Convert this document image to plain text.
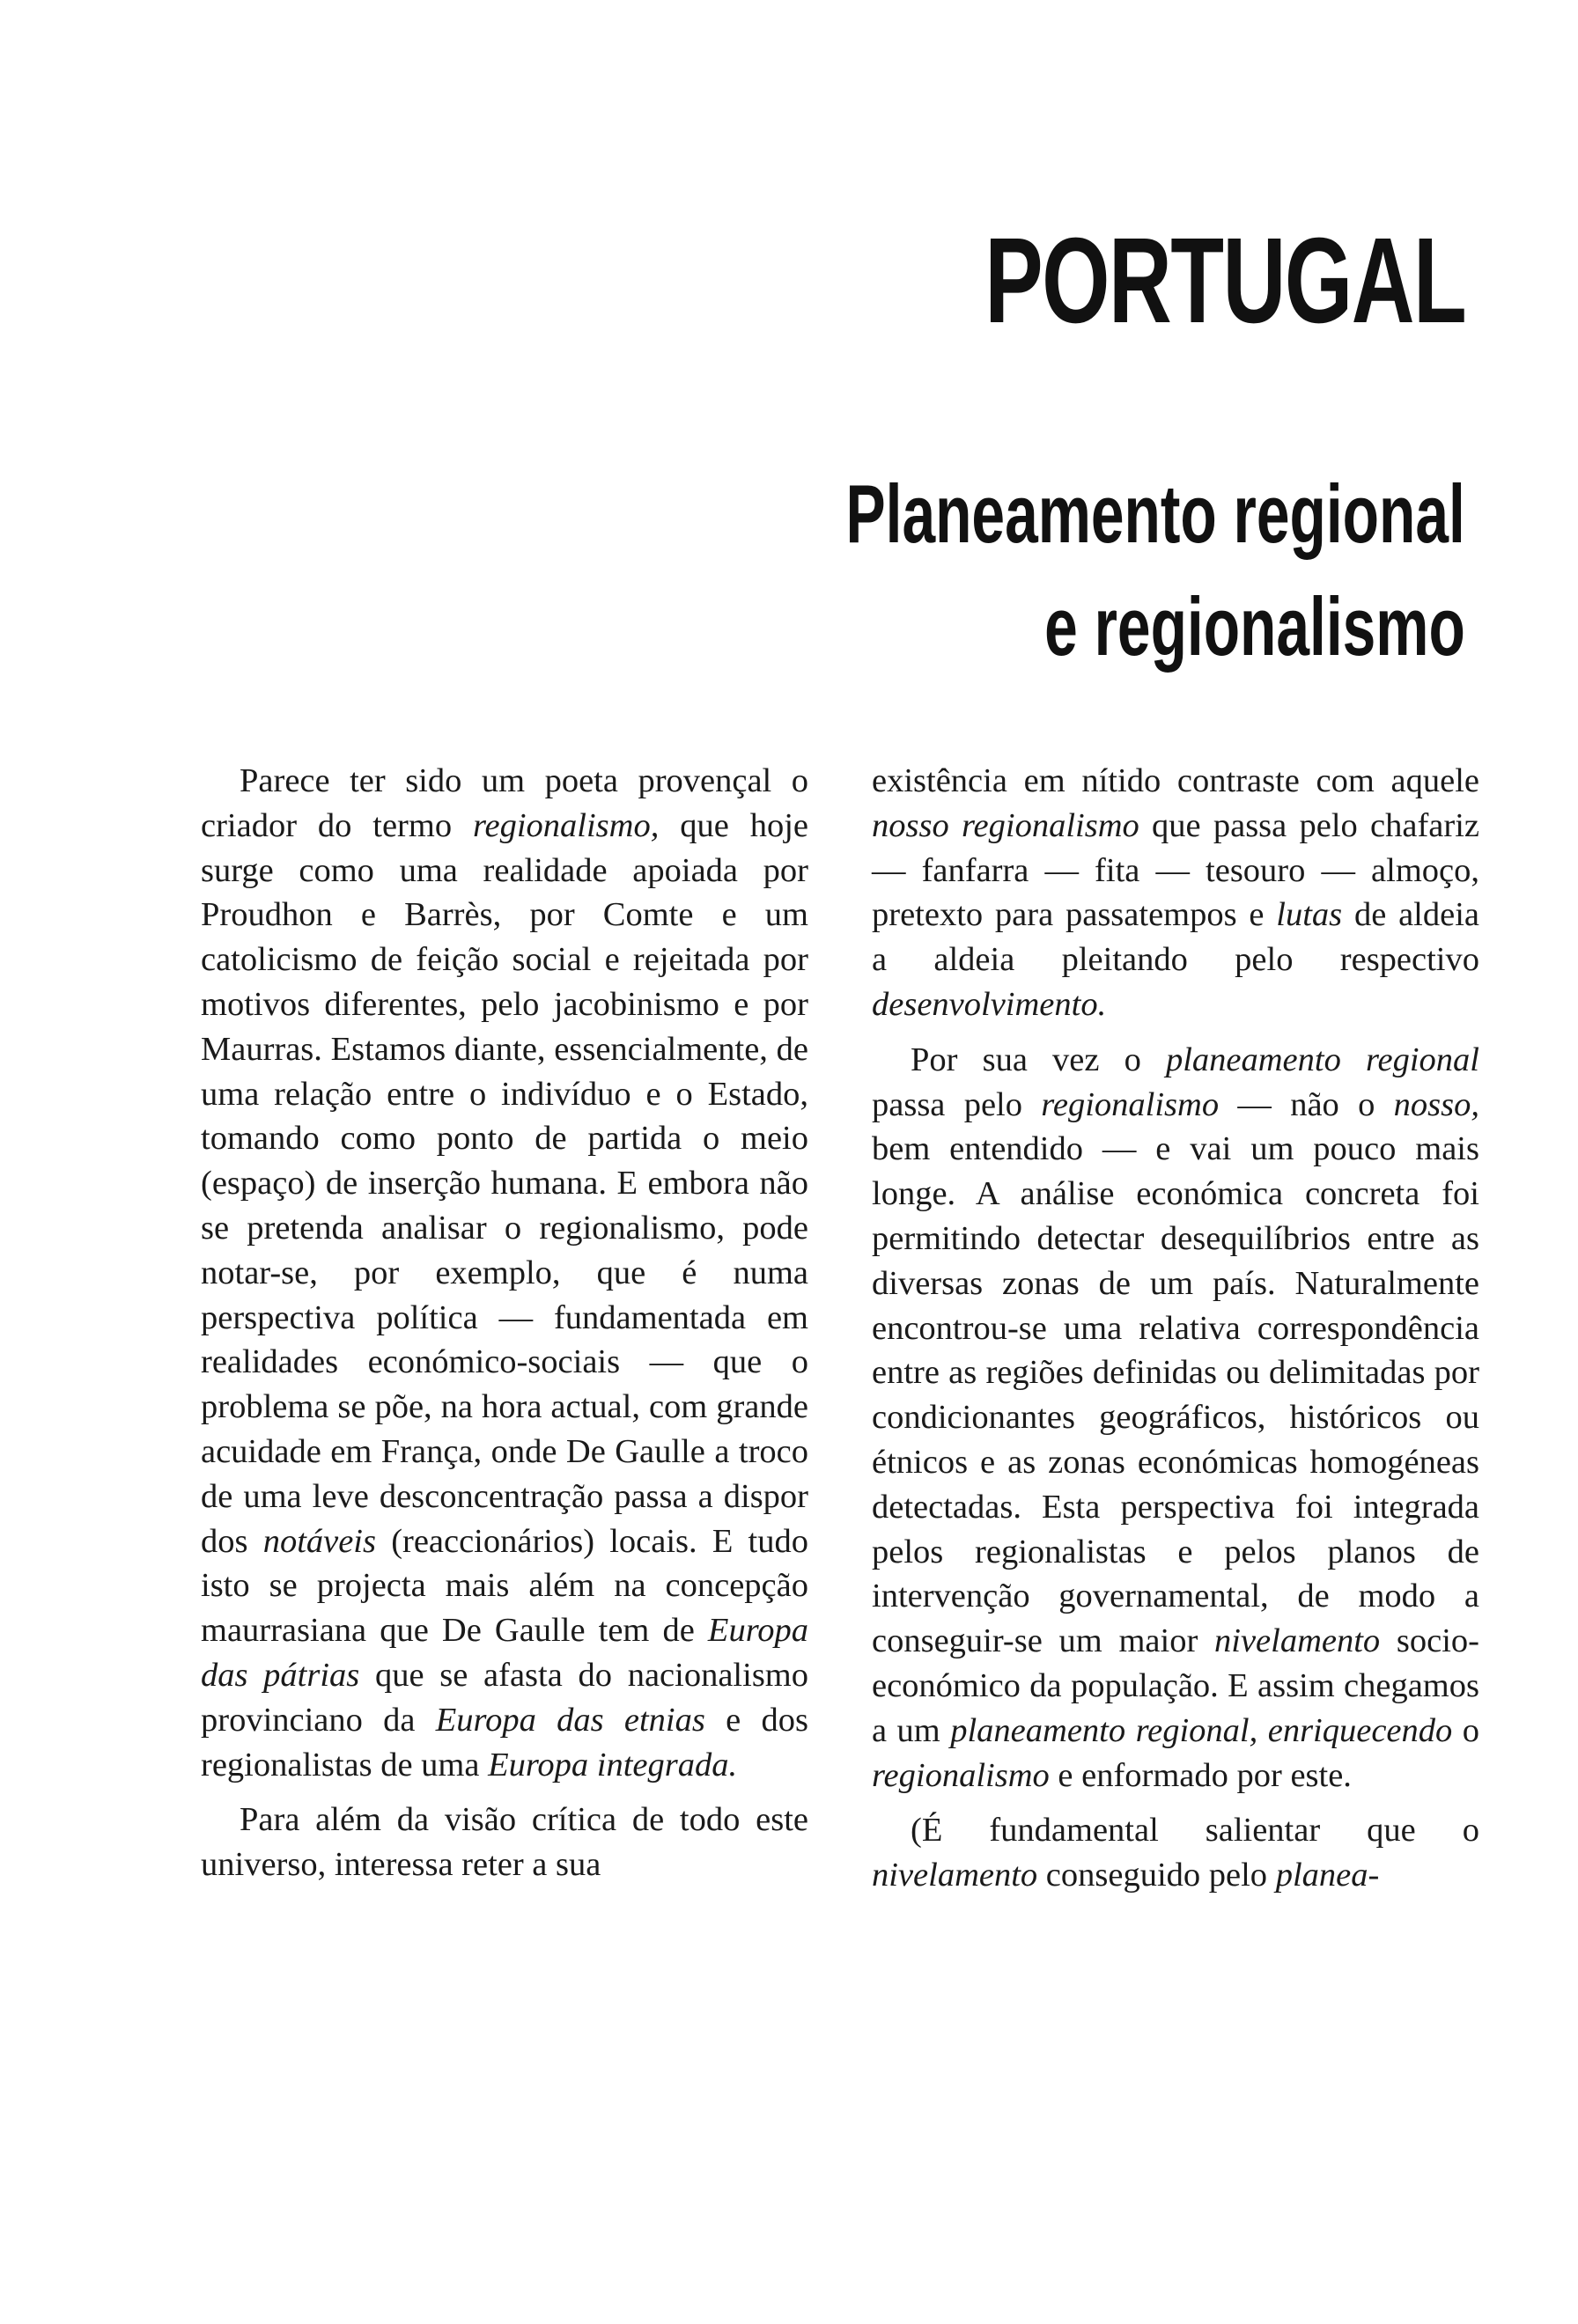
PORTUGAL
Planeamento regional
e regionalismo

Parece ter sido um poeta provençal o criador do termo regionalismo, que hoje surge como uma realidade apoiada por Proudhon e Barrès, por Comte e um catolicismo de feição social e rejeitada por motivos diferentes, pelo jacobinismo e por Maurras. Estamos diante, essencialmente, de uma relação entre o indivíduo e o Estado, tomando como ponto de partida o meio (espaço) de inserção humana. E embora não se pretenda analisar o regionalismo, pode notar-se, por exemplo, que é numa perspectiva política — fundamentada em realidades económico-sociais — que o problema se põe, na hora actual, com grande acuidade em França, onde De Gaulle a troco de uma leve desconcentração passa a dispor dos notáveis (reaccionários) locais. E tudo isto se projecta mais além na concepção maurrasiana que De Gaulle tem de Europa das pátrias que se afasta do nacionalismo provinciano da Europa das etnias e dos regionalistas de uma Europa integrada.

Para além da visão crítica de todo este universo, interessa reter a sua

existência em nítido contraste com aquele nosso regionalismo que passa pelo chafariz — fanfarra — fita — tesouro — almoço, pretexto para passatempos e lutas de aldeia a aldeia pleitando pelo respectivo desenvolvimento.

Por sua vez o planeamento regional passa pelo regionalismo — não o nosso, bem entendido — e vai um pouco mais longe. A análise económica concreta foi permitindo detectar desequilíbrios entre as diversas zonas de um país. Naturalmente encontrou-se uma relativa correspondência entre as regiões definidas ou delimitadas por condicionantes geográficos, históricos ou étnicos e as zonas económicas homogéneas detectadas. Esta perspectiva foi integrada pelos regionalistas e pelos planos de intervenção governamental, de modo a conseguir-se um maior nivelamento socio-económico da população. E assim chegamos a um planeamento regional, enriquecendo o regionalismo e enformado por este.

(É fundamental salientar que o nivelamento conseguido pelo planea-
